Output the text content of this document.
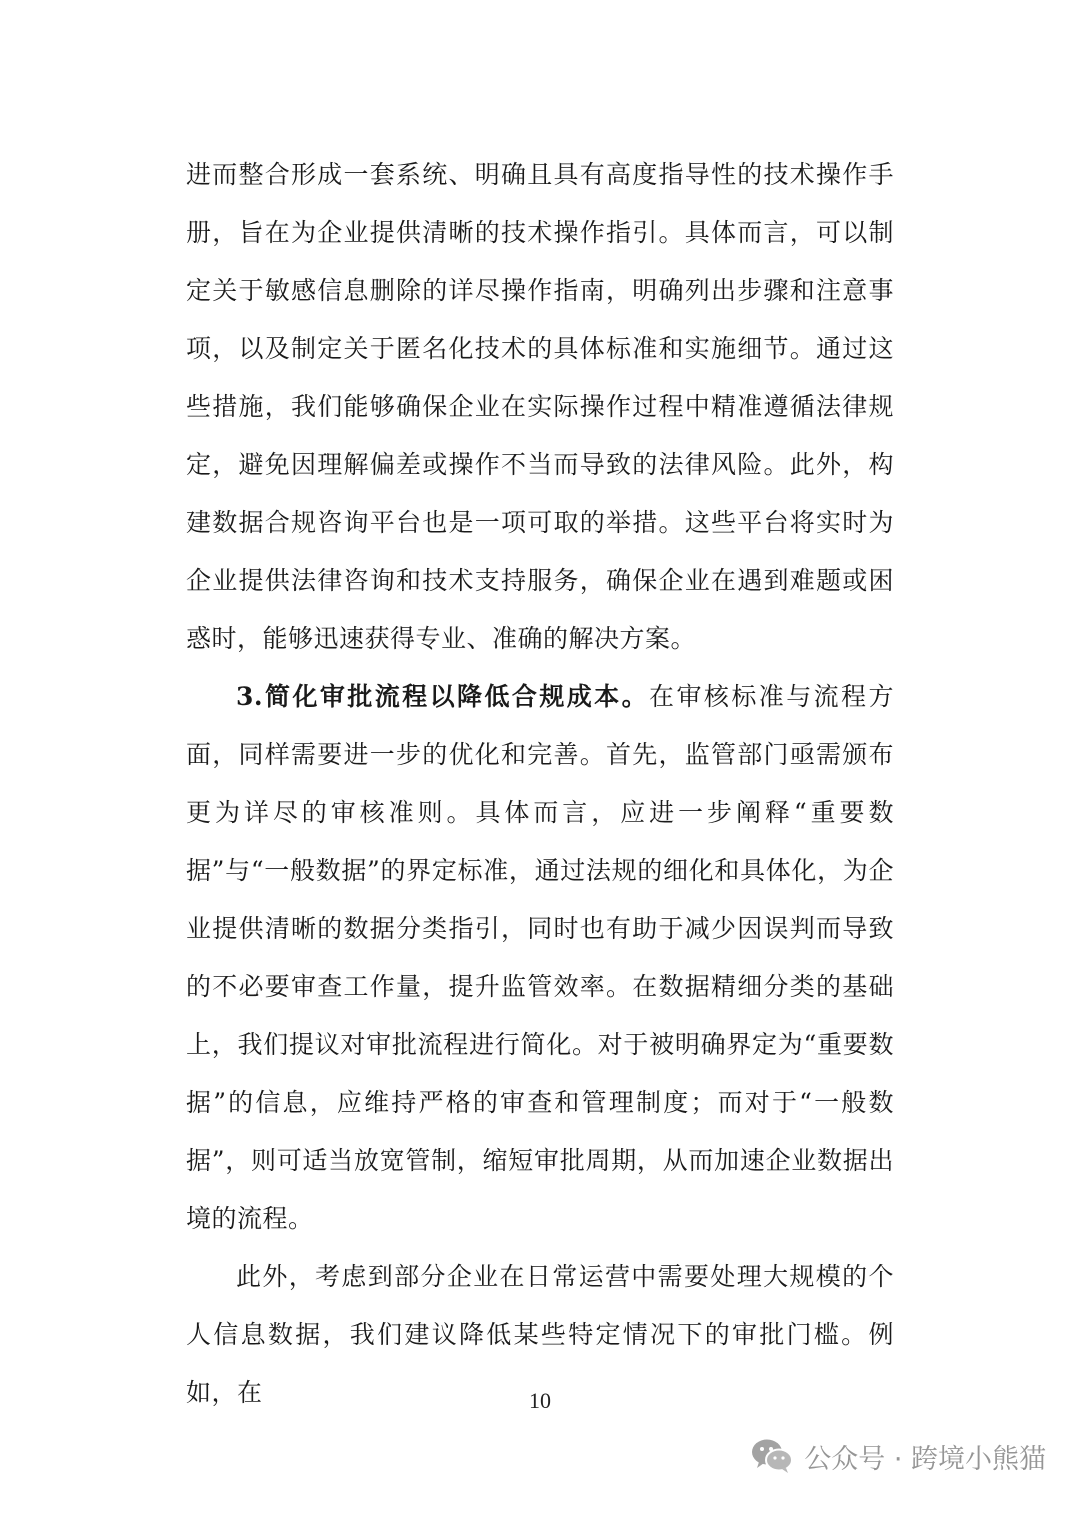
进而整合形成一套系统、明确且具有高度指导性的技术操作手册，旨在为企业提供清晰的技术操作指引。具体而言，可以制定关于敏感信息删除的详尽操作指南，明确列出步骤和注意事项，以及制定关于匿名化技术的具体标准和实施细节。通过这些措施，我们能够确保企业在实际操作过程中精准遵循法律规定，避免因理解偏差或操作不当而导致的法律风险。此外，构建数据合规咨询平台也是一项可取的举措。这些平台将实时为企业提供法律咨询和技术支持服务，确保企业在遇到难题或困惑时，能够迅速获得专业、准确的解决方案。

3.简化审批流程以降低合规成本。在审核标准与流程方面，同样需要进一步的优化和完善。首先，监管部门亟需颁布更为详尽的审核准则。具体而言，应进一步阐释“重要数据”与“一般数据”的界定标准，通过法规的细化和具体化，为企业提供清晰的数据分类指引，同时也有助于减少因误判而导致的不必要审查工作量，提升监管效率。在数据精细分类的基础上，我们提议对审批流程进行简化。对于被明确界定为“重要数据”的信息，应维持严格的审查和管理制度；而对于“一般数据”，则可适当放宽管制，缩短审批周期，从而加速企业数据出境的流程。

此外，考虑到部分企业在日常运营中需要处理大规模的个人信息数据，我们建议降低某些特定情况下的审批门槛。例如，在	10
公众号 · 跨境小熊猫
